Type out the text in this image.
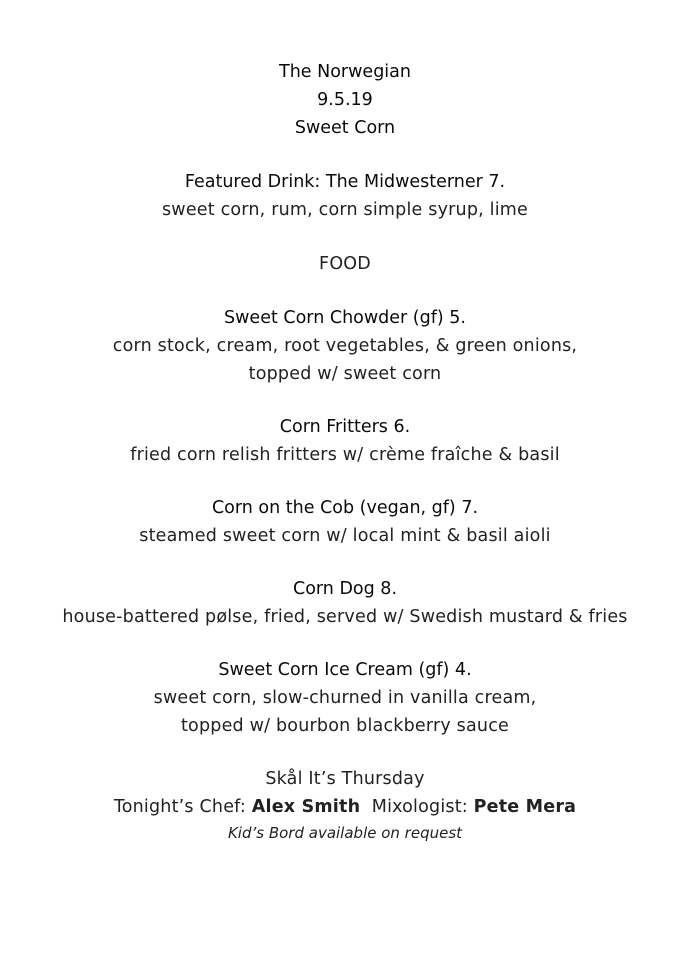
The Norwegian
9.5.19
Sweet Corn
Featured Drink: The Midwesterner 7.
sweet corn, rum, corn simple syrup, lime
FOOD
Sweet Corn Chowder (gf) 5.
corn stock, cream, root vegetables, & green onions,
topped w/ sweet corn
Corn Fritters 6.
fried corn relish fritters w/ crème fraîche & basil
Corn on the Cob (vegan, gf) 7.
steamed sweet corn w/ local mint & basil aioli
Corn Dog 8.
house-battered pølse, fried, served w/ Swedish mustard & fries
Sweet Corn Ice Cream (gf) 4.
sweet corn, slow-churned in vanilla cream,
topped w/ bourbon blackberry sauce
Skål It’s Thursday
Tonight’s Chef: Alex Smith Mixologist: Pete Mera
Kid’s Bord available on request
